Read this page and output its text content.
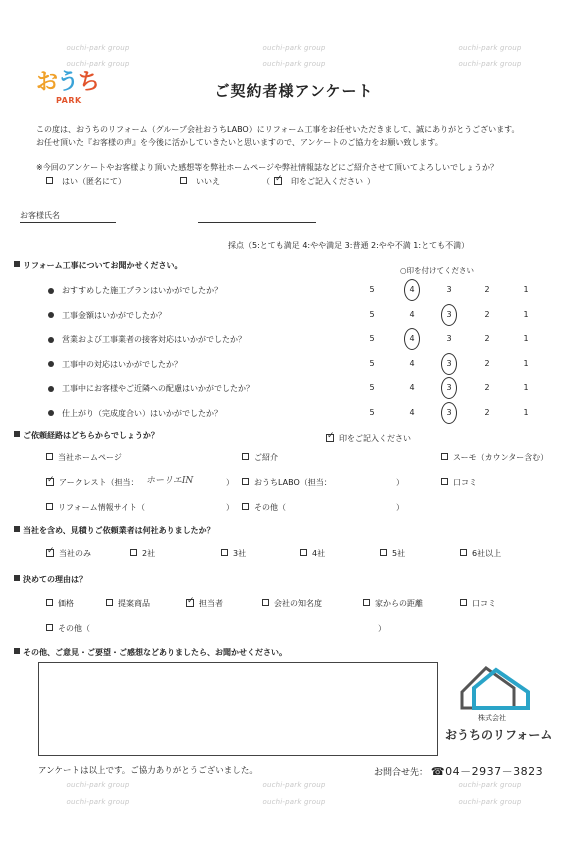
ouchi-park group	ouchi-park group	ouchi-park group
ouchi-park group	ouchi-park group	ouchi-park group
おうち
PARK
ご契約者様アンケート
この度は、おうちのリフォーム（グループ会社おうちLABO）にリフォーム工事をお任せいただきまして、誠にありがとうございます。
お任せ頂いた『お客様の声』を今後に活かしていきたいと思いますので、アンケートのご協力をお願い致します。
※今回のアンケートやお客様より頂いた感想等を弊社ホームページや弊社情報誌などにご紹介させて頂いてよろしいでしょうか？
はい（匿名にて）	いいえ	（ ✓	印をご記入ください ）
お客様氏名
採点（5:とても満足 4:やや満足 3:普通 2:やや不満 1:とても不満）
リフォーム工事についてお聞かせください。
○印を付けてください
おすすめした施工プランはいかがでしたか？	5	4	3	2	1
工事金額はいかがでしたか？	5	4	3	2	1
営業および工事業者の接客対応はいかがでしたか？	5	4	3	2	1
工事中の対応はいかがでしたか？	5	4	3	2	1
工事中にお客様やご近隣への配慮はいかがでしたか？	5	4	3	2	1
仕上がり（完成度合い）はいかがでしたか？	5	4	3	2	1
ご依頼経路はどちらからでしょうか？ ✓	印をご記入ください
当社ホームページ	ご紹介	スーモ（カウンター含む）
✓アークレスト（担当： ホーリエIN	）	おうちLABO（担当：	）	口コミ
リフォーム情報サイト（	）	その他（	）
当社を含め、見積りご依頼業者は何社ありましたか？
✓当社のみ	2社	3社	4社	5社	6社以上
決めての理由は？
価格	提案商品 ✓	担当者	会社の知名度	家からの距離	口コミ
その他（	）
その他、ご意見・ご要望・ご感想などありましたら、お聞かせください。
株式会社
おうちのリフォーム
アンケートは以上です。ご協力ありがとうございました。	お問合せ先： ☎04－2937－3823
ouchi-park group	ouchi-park group	ouchi-park group
ouchi-park group	ouchi-park group	ouchi-park group
